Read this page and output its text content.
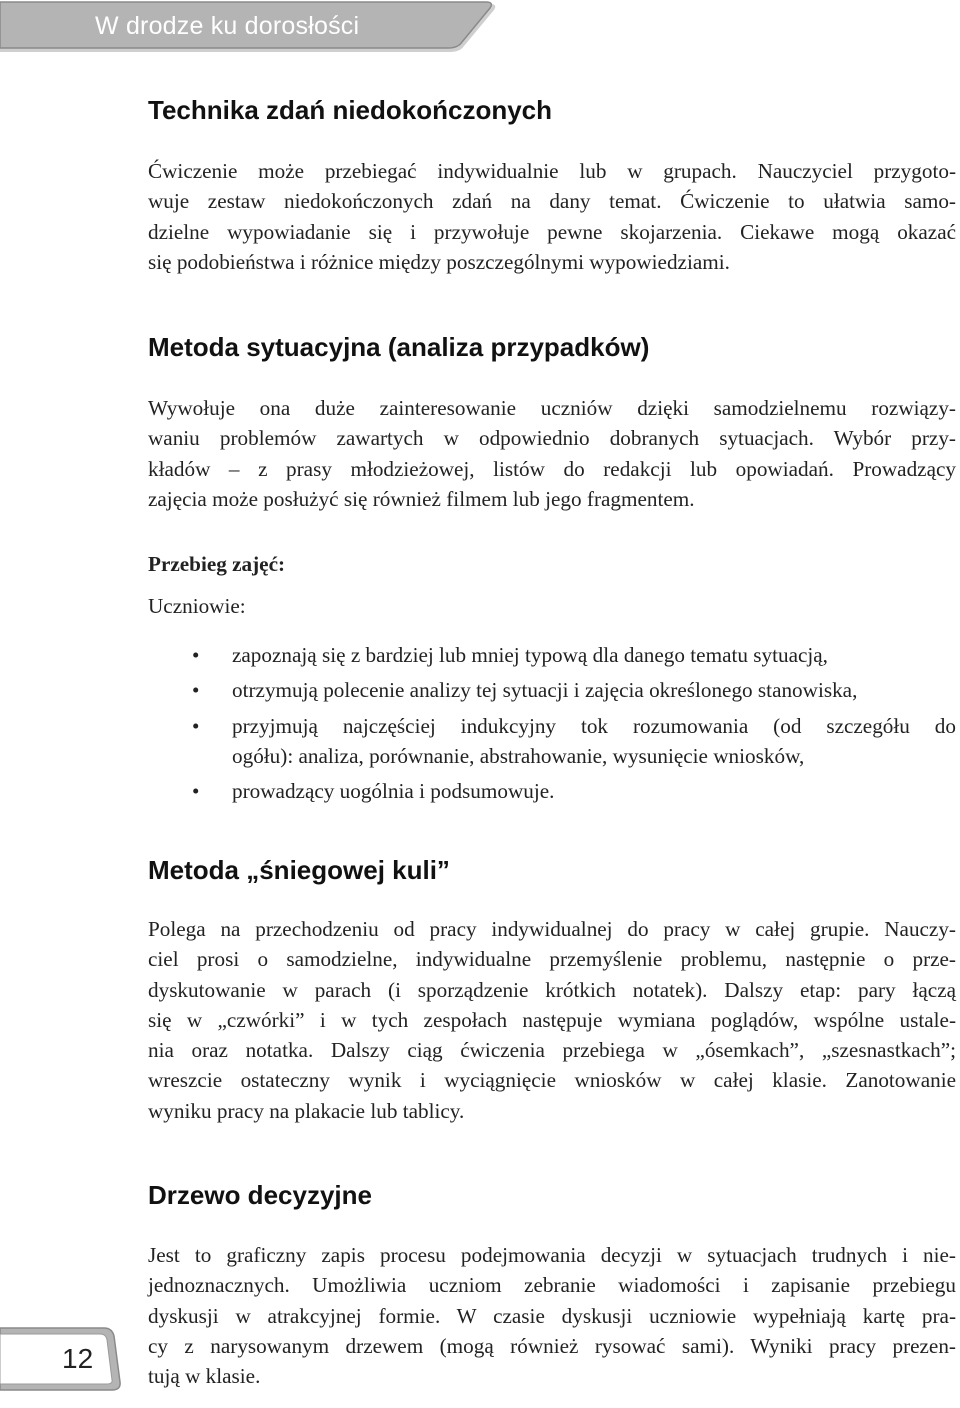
W drodze ku dorosłości
Technika zdań niedokończonych
Ćwiczenie może przebiegać indywidualnie lub w grupach. Nauczyciel przygoto-
wuje zestaw niedokończonych zdań na dany temat. Ćwiczenie to ułatwia samo-
dzielne wypowiadanie się i przywołuje pewne skojarzenia. Ciekawe mogą okazać
się podobieństwa i różnice między poszczególnymi wypowiedziami.
Metoda sytuacyjna (analiza przypadków)
Wywołuje ona duże zainteresowanie uczniów dzięki samodzielnemu rozwiązy-
waniu problemów zawartych w odpowiednio dobranych sytuacjach. Wybór przy-
kładów – z prasy młodzieżowej, listów do redakcji lub opowiadań. Prowadzący
zajęcia może posłużyć się również filmem lub jego fragmentem.

Przebieg zajęć:

Uczniowie:

• zapoznają się z bardziej lub mniej typową dla danego tematu sytuacją,
• otrzymują polecenie analizy tej sytuacji i zajęcia określonego stanowiska,
• przyjmują najczęściej indukcyjny tok rozumowania (od szczegółu do
ogółu): analiza, porównanie, abstrahowanie, wysunięcie wniosków,
• prowadzący uogólnia i podsumowuje.
Metoda „śniegowej kuli”
Polega na przechodzeniu od pracy indywidualnej do pracy w całej grupie. Nauczy-
ciel prosi o samodzielne, indywidualne przemyślenie problemu, następnie o prze-
dyskutowanie w parach (i sporządzenie krótkich notatek). Dalszy etap: pary łączą
się w „czwórki” i w tych zespołach następuje wymiana poglądów, wspólne ustale-
nia oraz notatka. Dalszy ciąg ćwiczenia przebiega w „ósemkach”, „szesnastkach”;
wreszcie ostateczny wynik i wyciągnięcie wniosków w całej klasie. Zanotowanie
wyniku pracy na plakacie lub tablicy.
Drzewo decyzyjne
Jest to graficzny zapis procesu podejmowania decyzji w sytuacjach trudnych i nie-
jednoznacznych. Umożliwia uczniom zebranie wiadomości i zapisanie przebiegu
dyskusji w atrakcyjnej formie. W czasie dyskusji uczniowie wypełniają kartę pra-
cy z narysowanym drzewem (mogą również rysować sami). Wyniki pracy prezen-
tują w klasie.
12
